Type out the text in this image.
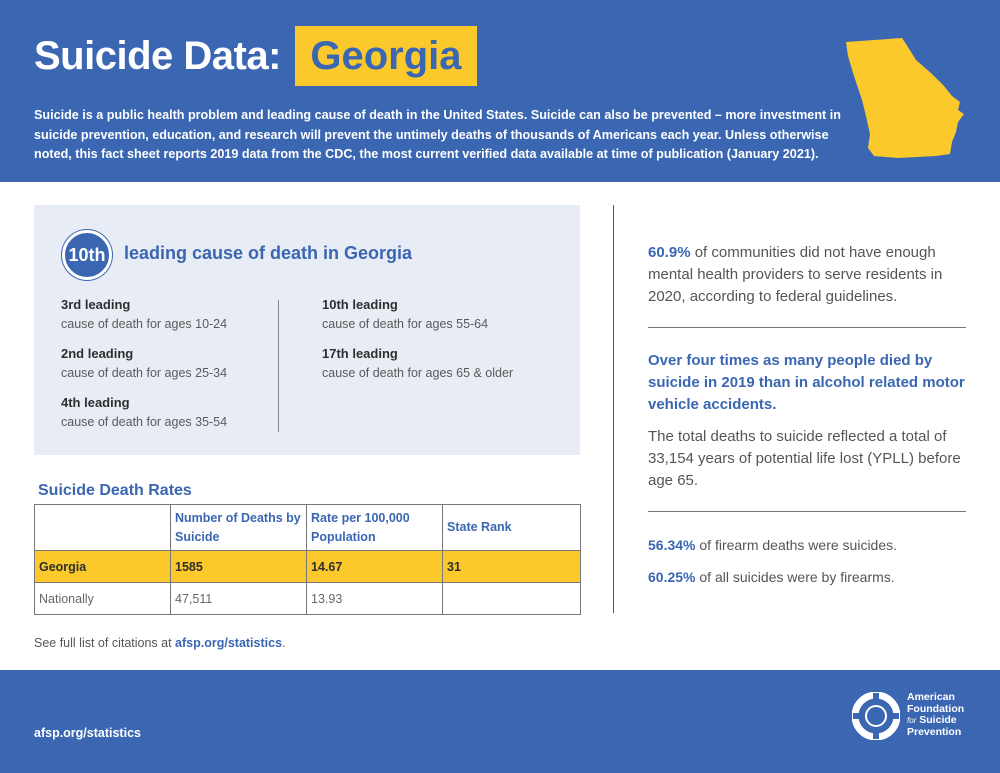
Suicide Data: Georgia

Suicide is a public health problem and leading cause of death in the United States. Suicide can also be prevented – more investment in suicide prevention, education, and research will prevent the untimely deaths of thousands of Americans each year. Unless otherwise noted, this fact sheet reports 2019 data from the CDC, the most current verified data available at time of publication (January 2021).

10th	leading cause of death in Georgia
3rd leading
cause of death for ages 10-24
2nd leading
cause of death for ages 25-34
4th leading
cause of death for ages 35-54
10th leading
cause of death for ages 55-64
17th leading
cause of death for ages 65 & older
Suicide Death Rates
	Number of Deaths by Suicide	Rate per 100,000 Population	State Rank
Georgia	1585	14.67	31
Nationally	47,511	13.93	

See full list of citations at afsp.org/statistics.

60.9% of communities did not have enough mental health providers to serve residents in 2020, according to federal guidelines.

Over four times as many people died by suicide in 2019 than in alcohol related motor vehicle accidents.

The total deaths to suicide reflected a total of 33,154 years of potential life lost (YPLL) before age 65.

56.34% of firearm deaths were suicides.

60.25% of all suicides were by firearms.

afsp.org/statistics
American
Foundation
for Suicide
Prevention
